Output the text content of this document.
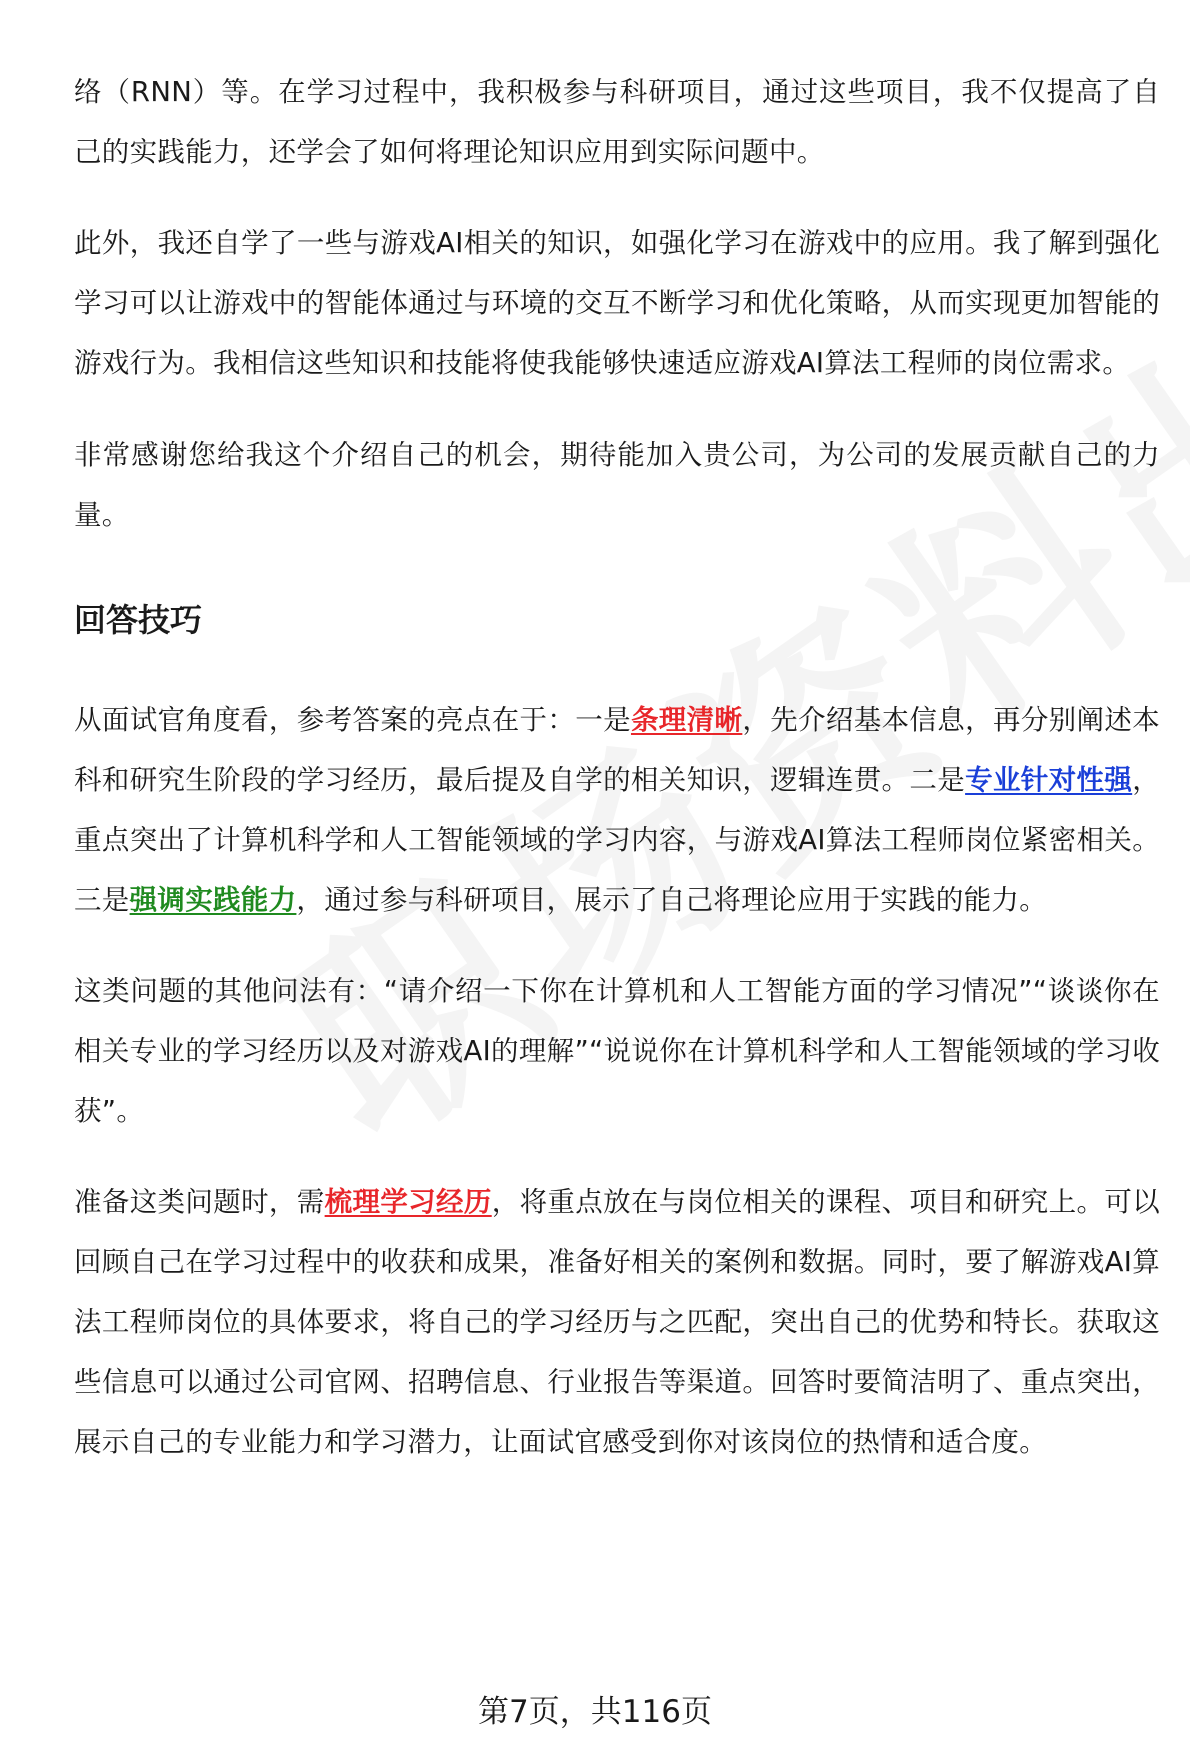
络（RNN）等。在学习过程中，我积极参与科研项目，通过这些项目，我不仅提高了自己的实践能力，还学会了如何将理论知识应用到实际问题中。

此外，我还自学了一些与游戏AI相关的知识，如强化学习在游戏中的应用。我了解到强化学习可以让游戏中的智能体通过与环境的交互不断学习和优化策略，从而实现更加智能的游戏行为。我相信这些知识和技能将使我能够快速适应游戏AI算法工程师的岗位需求。

非常感谢您给我这个介绍自己的机会，期待能加入贵公司，为公司的发展贡献自己的力量。

回答技巧

从面试官角度看，参考答案的亮点在于：一是条理清晰，先介绍基本信息，再分别阐述本科和研究生阶段的学习经历，最后提及自学的相关知识，逻辑连贯。二是专业针对性强，重点突出了计算机科学和人工智能领域的学习内容，与游戏AI算法工程师岗位紧密相关。三是强调实践能力，通过参与科研项目，展示了自己将理论应用于实践的能力。

这类问题的其他问法有：“请介绍一下你在计算机和人工智能方面的学习情况”“谈谈你在相关专业的学习经历以及对游戏AI的理解”“说说你在计算机科学和人工智能领域的学习收获”。

准备这类问题时，需梳理学习经历，将重点放在与岗位相关的课程、项目和研究上。可以回顾自己在学习过程中的收获和成果，准备好相关的案例和数据。同时，要了解游戏AI算法工程师岗位的具体要求，将自己的学习经历与之匹配，突出自己的优势和特长。获取这些信息可以通过公司官网、招聘信息、行业报告等渠道。回答时要简洁明了、重点突出，展示自己的专业能力和学习潜力，让面试官感受到你对该岗位的热情和适合度。

第7页，共116页
